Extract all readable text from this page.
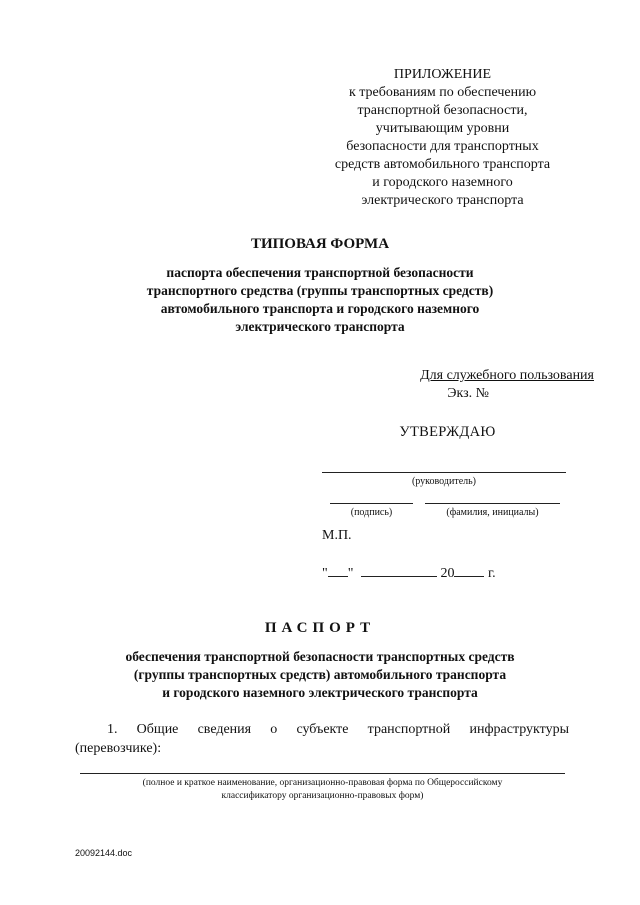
ПРИЛОЖЕНИЕ
к требованиям по обеспечению
транспортной безопасности,
учитывающим уровни
безопасности для транспортных
средств автомобильного транспорта
и городского наземного
электрического транспорта
ТИПОВАЯ ФОРМА
паспорта обеспечения транспортной безопасности
транспортного средства (группы транспортных средств)
автомобильного транспорта и городского наземного
электрического транспорта
Для служебного пользования
Экз. №
УТВЕРЖДАЮ
(руководитель)
(подпись)	(фамилия, инициалы)
М.П.
" "	20 г.
ПАСПОРТ
обеспечения транспортной безопасности транспортных средств
(группы транспортных средств) автомобильного транспорта
и городского наземного электрического транспорта
1. Общие сведения о субъекте транспортной инфраструктуры
(перевозчике):
(полное и краткое наименование, организационно-правовая форма по Общероссийскому
классификатору организационно-правовых форм)
20092144.doc
